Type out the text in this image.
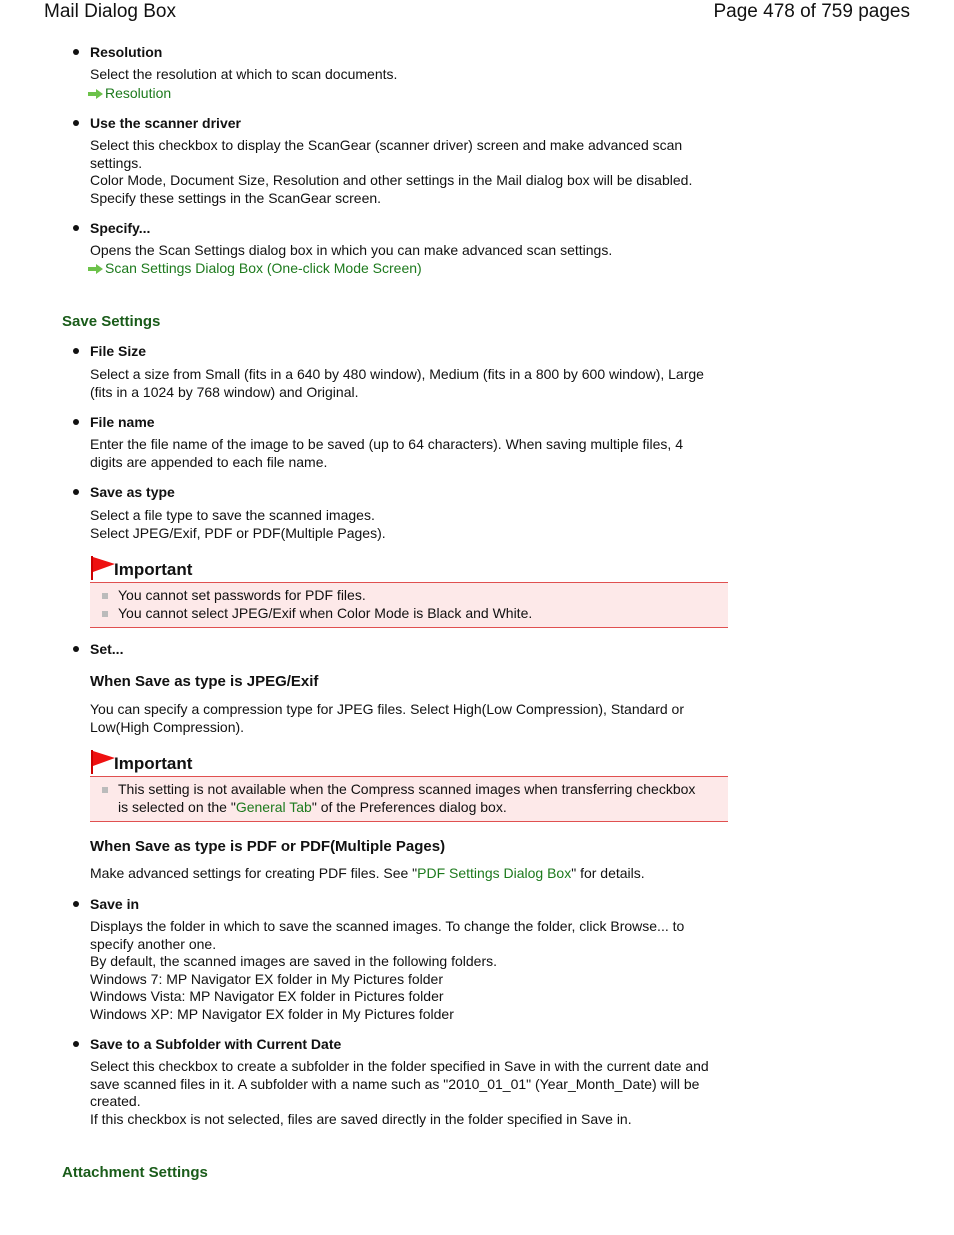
Mail Dialog Box	Page 478 of 759 pages
Resolution
Select the resolution at which to scan documents.
Resolution
Use the scanner driver
Select this checkbox to display the ScanGear (scanner driver) screen and make advanced scan
settings.
Color Mode, Document Size, Resolution and other settings in the Mail dialog box will be disabled.
Specify these settings in the ScanGear screen.
Specify...
Opens the Scan Settings dialog box in which you can make advanced scan settings.
Scan Settings Dialog Box (One-click Mode Screen)
Save Settings
File Size
Select a size from Small (fits in a 640 by 480 window), Medium (fits in a 800 by 600 window), Large
(fits in a 1024 by 768 window) and Original.
File name
Enter the file name of the image to be saved (up to 64 characters). When saving multiple files, 4
digits are appended to each file name.
Save as type
Select a file type to save the scanned images.
Select JPEG/Exif, PDF or PDF(Multiple Pages).
Important
You cannot set passwords for PDF files.
You cannot select JPEG/Exif when Color Mode is Black and White.
Set...
When Save as type is JPEG/Exif
You can specify a compression type for JPEG files. Select High(Low Compression), Standard or
Low(High Compression).
Important
This setting is not available when the Compress scanned images when transferring checkbox
is selected on the "General Tab" of the Preferences dialog box.
When Save as type is PDF or PDF(Multiple Pages)
Make advanced settings for creating PDF files. See "PDF Settings Dialog Box" for details.
Save in
Displays the folder in which to save the scanned images. To change the folder, click Browse... to
specify another one.
By default, the scanned images are saved in the following folders.
Windows 7: MP Navigator EX folder in My Pictures folder
Windows Vista: MP Navigator EX folder in Pictures folder
Windows XP: MP Navigator EX folder in My Pictures folder
Save to a Subfolder with Current Date
Select this checkbox to create a subfolder in the folder specified in Save in with the current date and
save scanned files in it. A subfolder with a name such as "2010_01_01" (Year_Month_Date) will be
created.
If this checkbox is not selected, files are saved directly in the folder specified in Save in.
Attachment Settings
